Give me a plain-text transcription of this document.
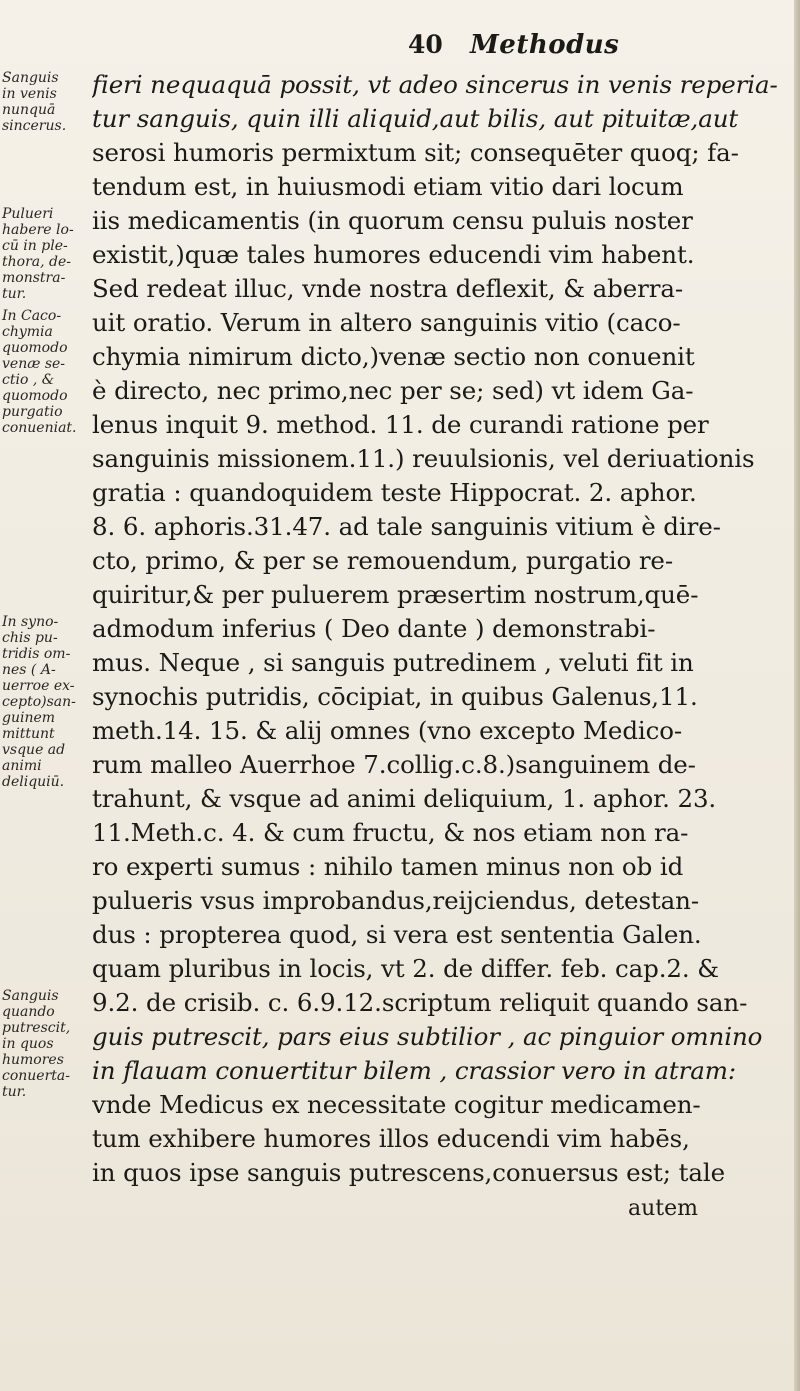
40 Methodus
Sanguis
in venis
nunquā
sincerus.
Pulueri
habere lo-
cū in ple-
thora, de-
monstra-
tur.
In Caco-
chymia
quomodo
venæ se-
ctio , &
quomodo
purgatio
conueniat.
In syno-
chis pu-
tridis om-
nes ( A-
uerroe ex-
cepto)san-
guinem
mittunt
vsque ad
animi
deliquiū.
Sanguis
quando
putrescit,
in quos
humores
conuerta-
tur.
fieri nequaquā possit, vt adeo sincerus in venis reperia-
tur sanguis, quin illi aliquid,aut bilis, aut pituitæ,aut
serosi humoris permixtum sit; consequēter quoq; fa-
tendum est, in huiusmodi etiam vitio dari locum
iis medicamentis (in quorum censu puluis noster
existit,)quæ tales humores educendi vim habent.
Sed redeat illuc, vnde nostra deflexit, & aberra-
uit oratio. Verum in altero sanguinis vitio (caco-
chymia nimirum dicto,)venæ sectio non conuenit
è directo, nec primo,nec per se; sed) vt idem Ga-
lenus inquit 9. method. 11. de curandi ratione per
sanguinis missionem.11.) reuulsionis, vel deriuationis
gratia : quandoquidem teste Hippocrat. 2. aphor.
8. 6. aphoris.31.47. ad tale sanguinis vitium è dire-
cto, primo, & per se remouendum, purgatio re-
quiritur,& per puluerem præsertim nostrum,quē-
admodum inferius ( Deo dante ) demonstrabi-
mus. Neque , si sanguis putredinem , veluti fit in
synochis putridis, cōcipiat, in quibus Galenus,11.
meth.14. 15. & alij omnes (vno excepto Medico-
rum malleo Auerrhoe 7.collig.c.8.)sanguinem de-
trahunt, & vsque ad animi deliquium, 1. aphor. 23.
11.Meth.c. 4. & cum fructu, & nos etiam non ra-
ro experti sumus : nihilo tamen minus non ob id
pulueris vsus improbandus,reijciendus, detestan-
dus : propterea quod, si vera est sententia Galen.
quam pluribus in locis, vt 2. de differ. feb. cap.2. &
9.2. de crisib. c. 6.9.12.scriptum reliquit quando san-
guis putrescit, pars eius subtilior , ac pinguior omnino
in flauam conuertitur bilem , crassior vero in atram:
vnde Medicus ex necessitate cogitur medicamen-
tum exhibere humores illos educendi vim habēs,
in quos ipse sanguis putrescens,conuersus est; tale
autem
